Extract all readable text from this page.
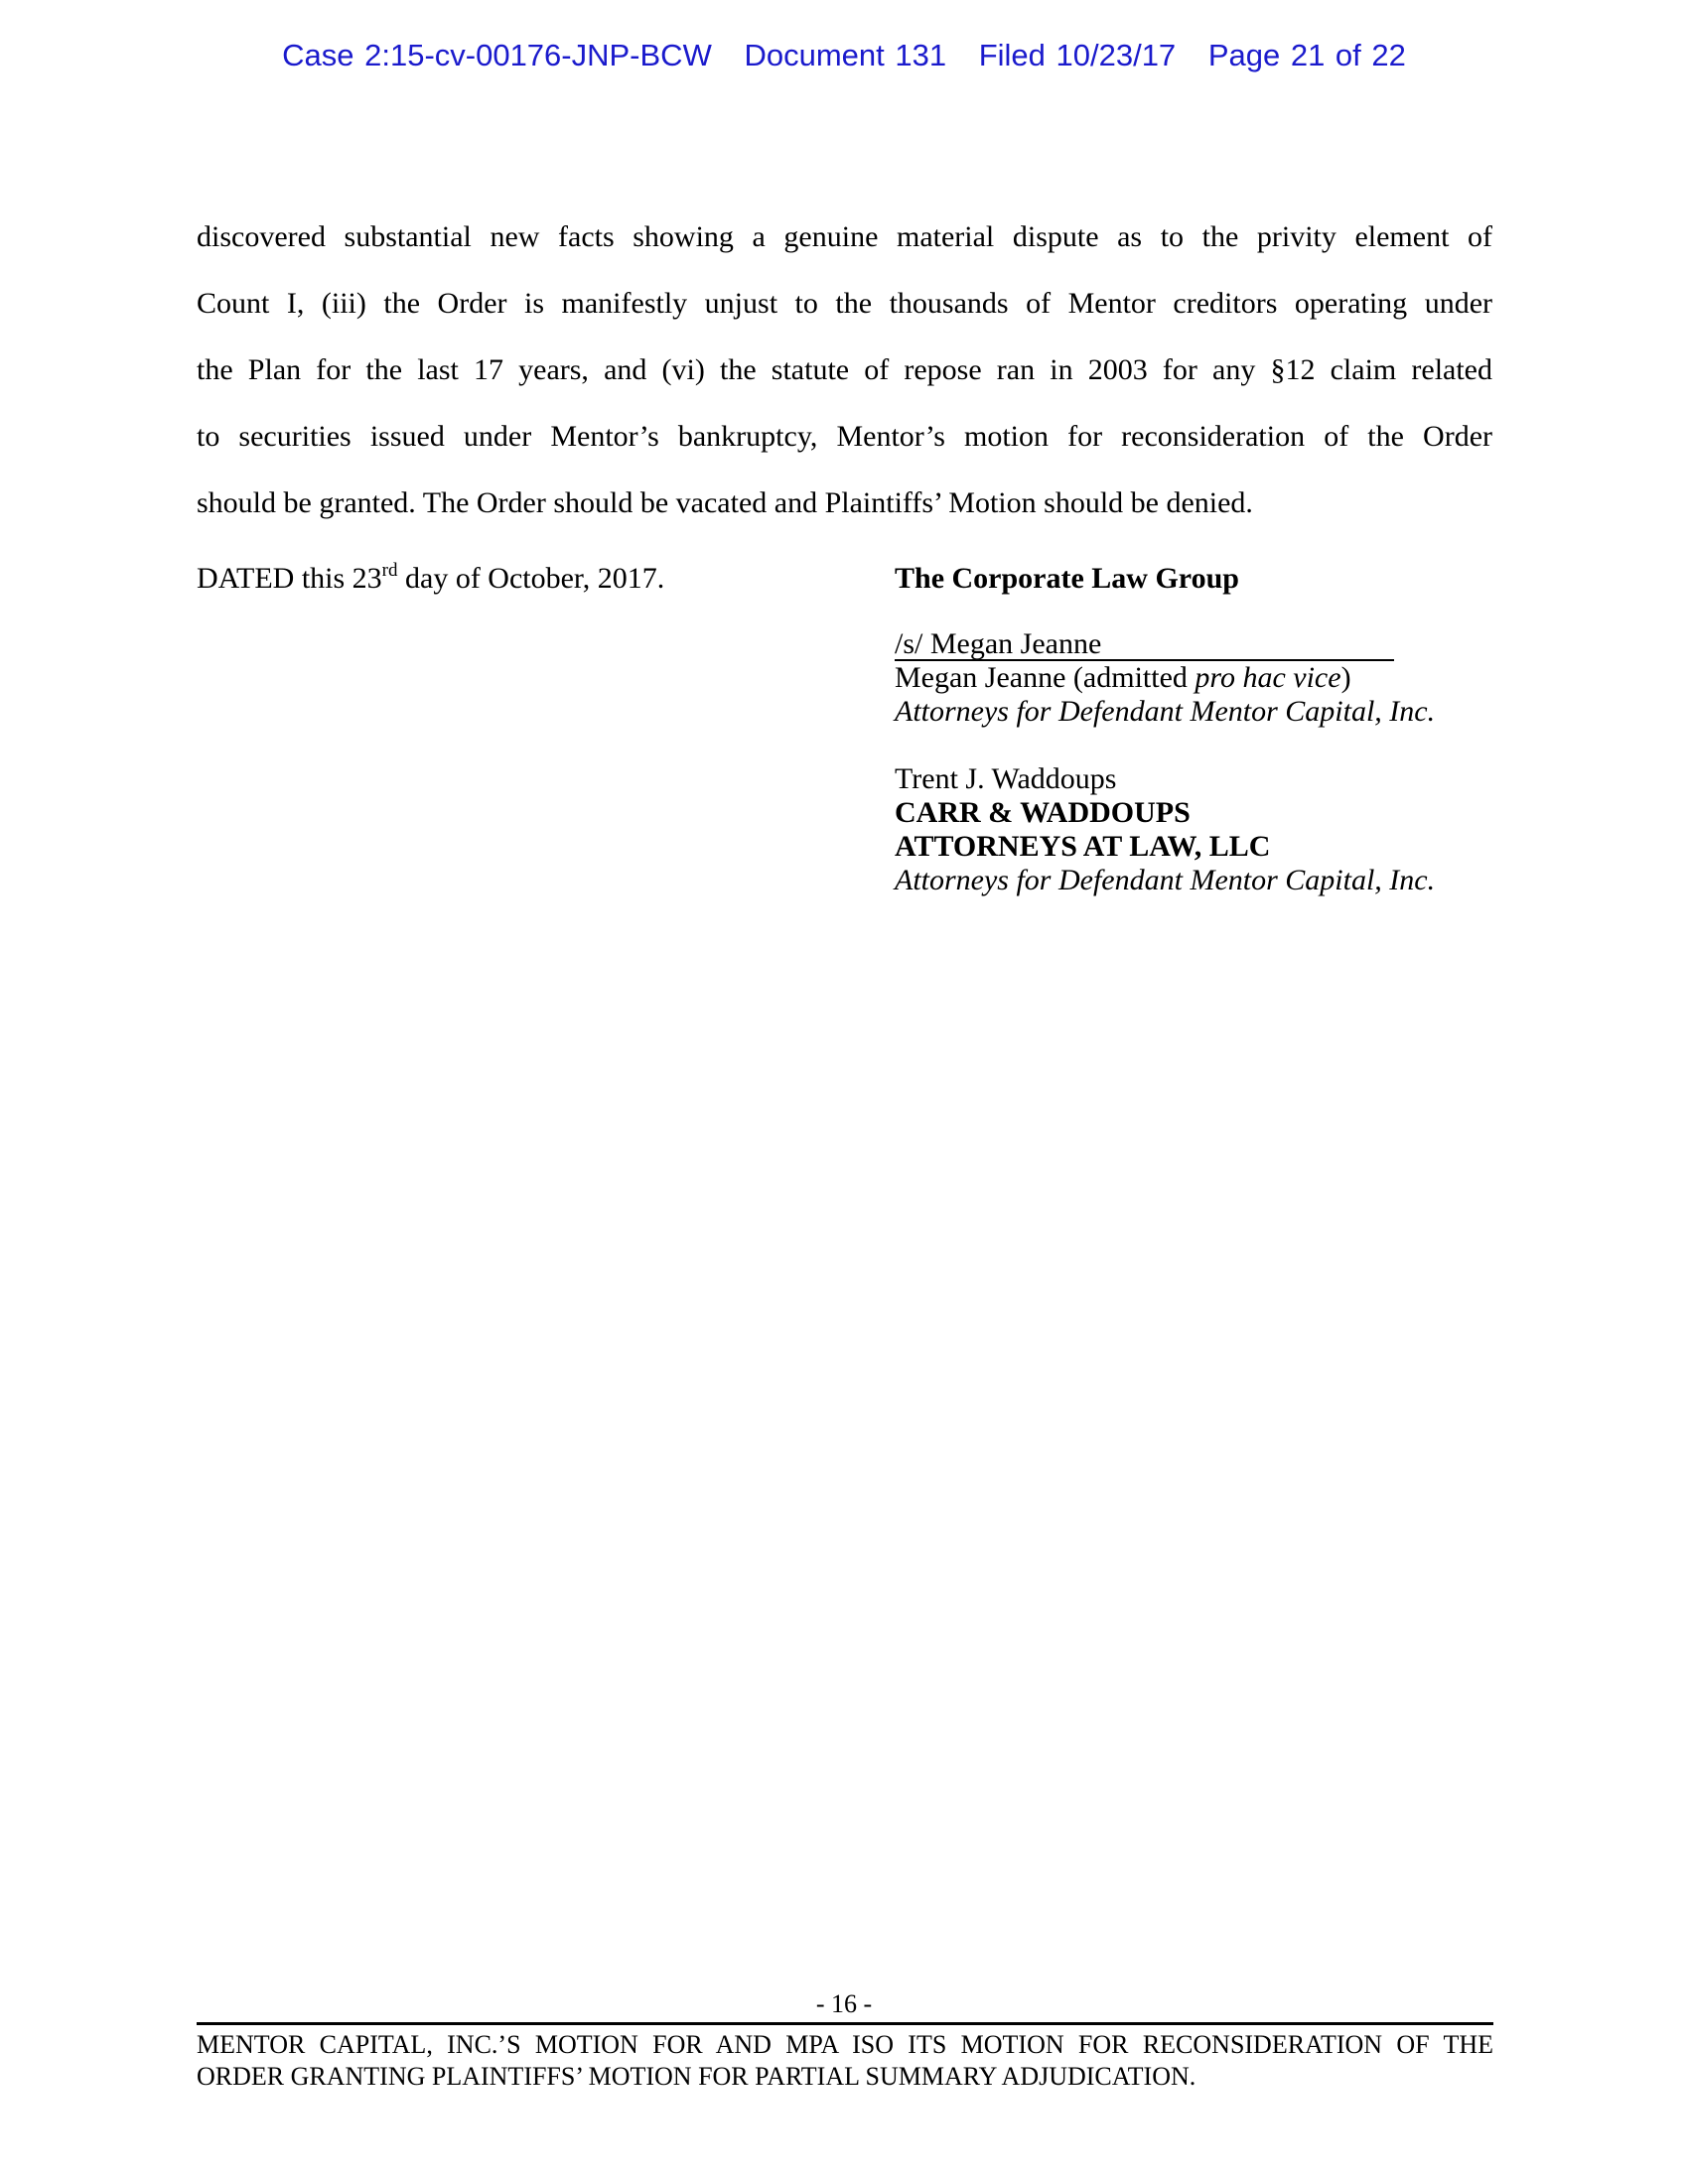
Case 2:15-cv-00176-JNP-BCW Document 131 Filed 10/23/17 Page 21 of 22
discovered substantial new facts showing a genuine material dispute as to the privity element of
Count I, (iii) the Order is manifestly unjust to the thousands of Mentor creditors operating under
the Plan for the last 17 years, and (vi) the statute of repose ran in 2003 for any §12 claim related
to securities issued under Mentor’s bankruptcy, Mentor’s motion for reconsideration of the Order
should be granted. The Order should be vacated and Plaintiffs’ Motion should be denied.
DATED this 23rd day of October, 2017.	The Corporate Law Group
/s/ Megan Jeanne
Megan Jeanne (admitted pro hac vice)
Attorneys for Defendant Mentor Capital, Inc.
Trent J. Waddoups
CARR & WADDOUPS
ATTORNEYS AT LAW, LLC
Attorneys for Defendant Mentor Capital, Inc.
- 16 -
MENTOR CAPITAL, INC.’S MOTION FOR AND MPA ISO ITS MOTION FOR RECONSIDERATION OF THE
ORDER GRANTING PLAINTIFFS’ MOTION FOR PARTIAL SUMMARY ADJUDICATION.
